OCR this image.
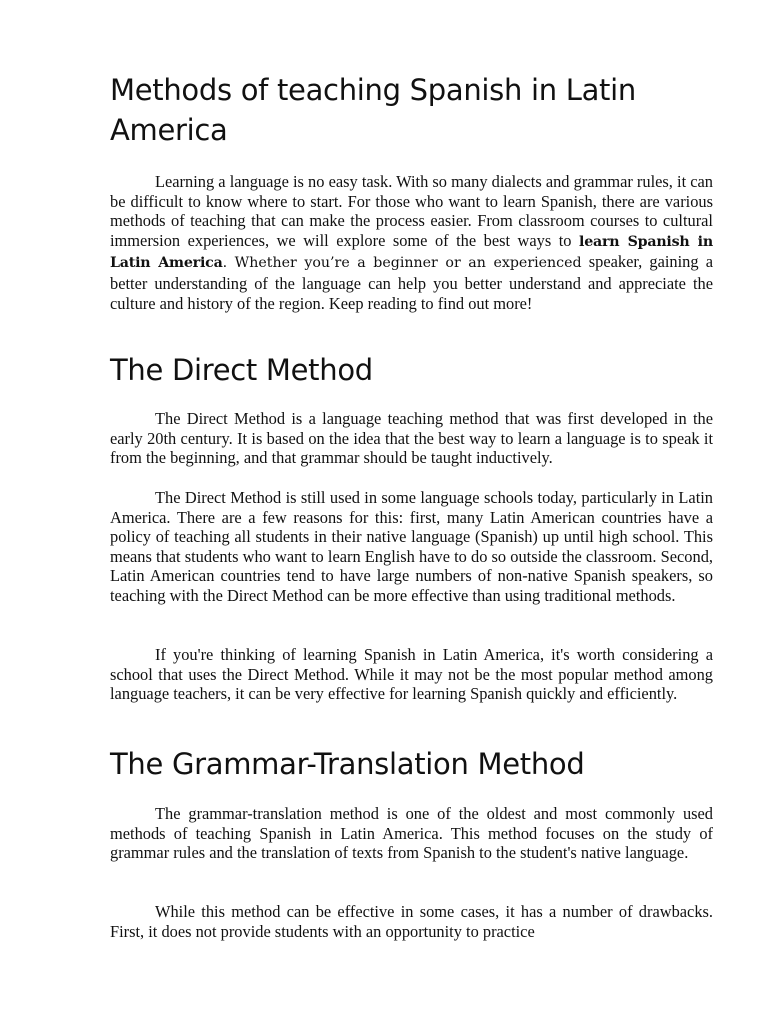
Methods of teaching Spanish in Latin America

Learning a language is no easy task. With so many dialects and grammar rules, it can be difficult to know where to start. For those who want to learn Spanish, there are various methods of teaching that can make the process easier. From classroom courses to cultural immersion experiences, we will explore some of the best ways to learn Spanish in Latin America. Whether you’re a beginner or an experienced speaker, gaining a better understanding of the language can help you better understand and appreciate the culture and history of the region. Keep reading to find out more!

The Direct Method

The Direct Method is a language teaching method that was first developed in the early 20th century. It is based on the idea that the best way to learn a language is to speak it from the beginning, and that grammar should be taught inductively.

The Direct Method is still used in some language schools today, particularly in Latin America. There are a few reasons for this: first, many Latin American countries have a policy of teaching all students in their native language (Spanish) up until high school. This means that students who want to learn English have to do so outside the classroom. Second, Latin American countries tend to have large numbers of non-native Spanish speakers, so teaching with the Direct Method can be more effective than using traditional methods.

If you're thinking of learning Spanish in Latin America, it's worth considering a school that uses the Direct Method. While it may not be the most popular method among language teachers, it can be very effective for learning Spanish quickly and efficiently.

The Grammar-Translation Method

The grammar-translation method is one of the oldest and most commonly used methods of teaching Spanish in Latin America. This method focuses on the study of grammar rules and the translation of texts from Spanish to the student's native language.

While this method can be effective in some cases, it has a number of drawbacks. First, it does not provide students with an opportunity to practice
